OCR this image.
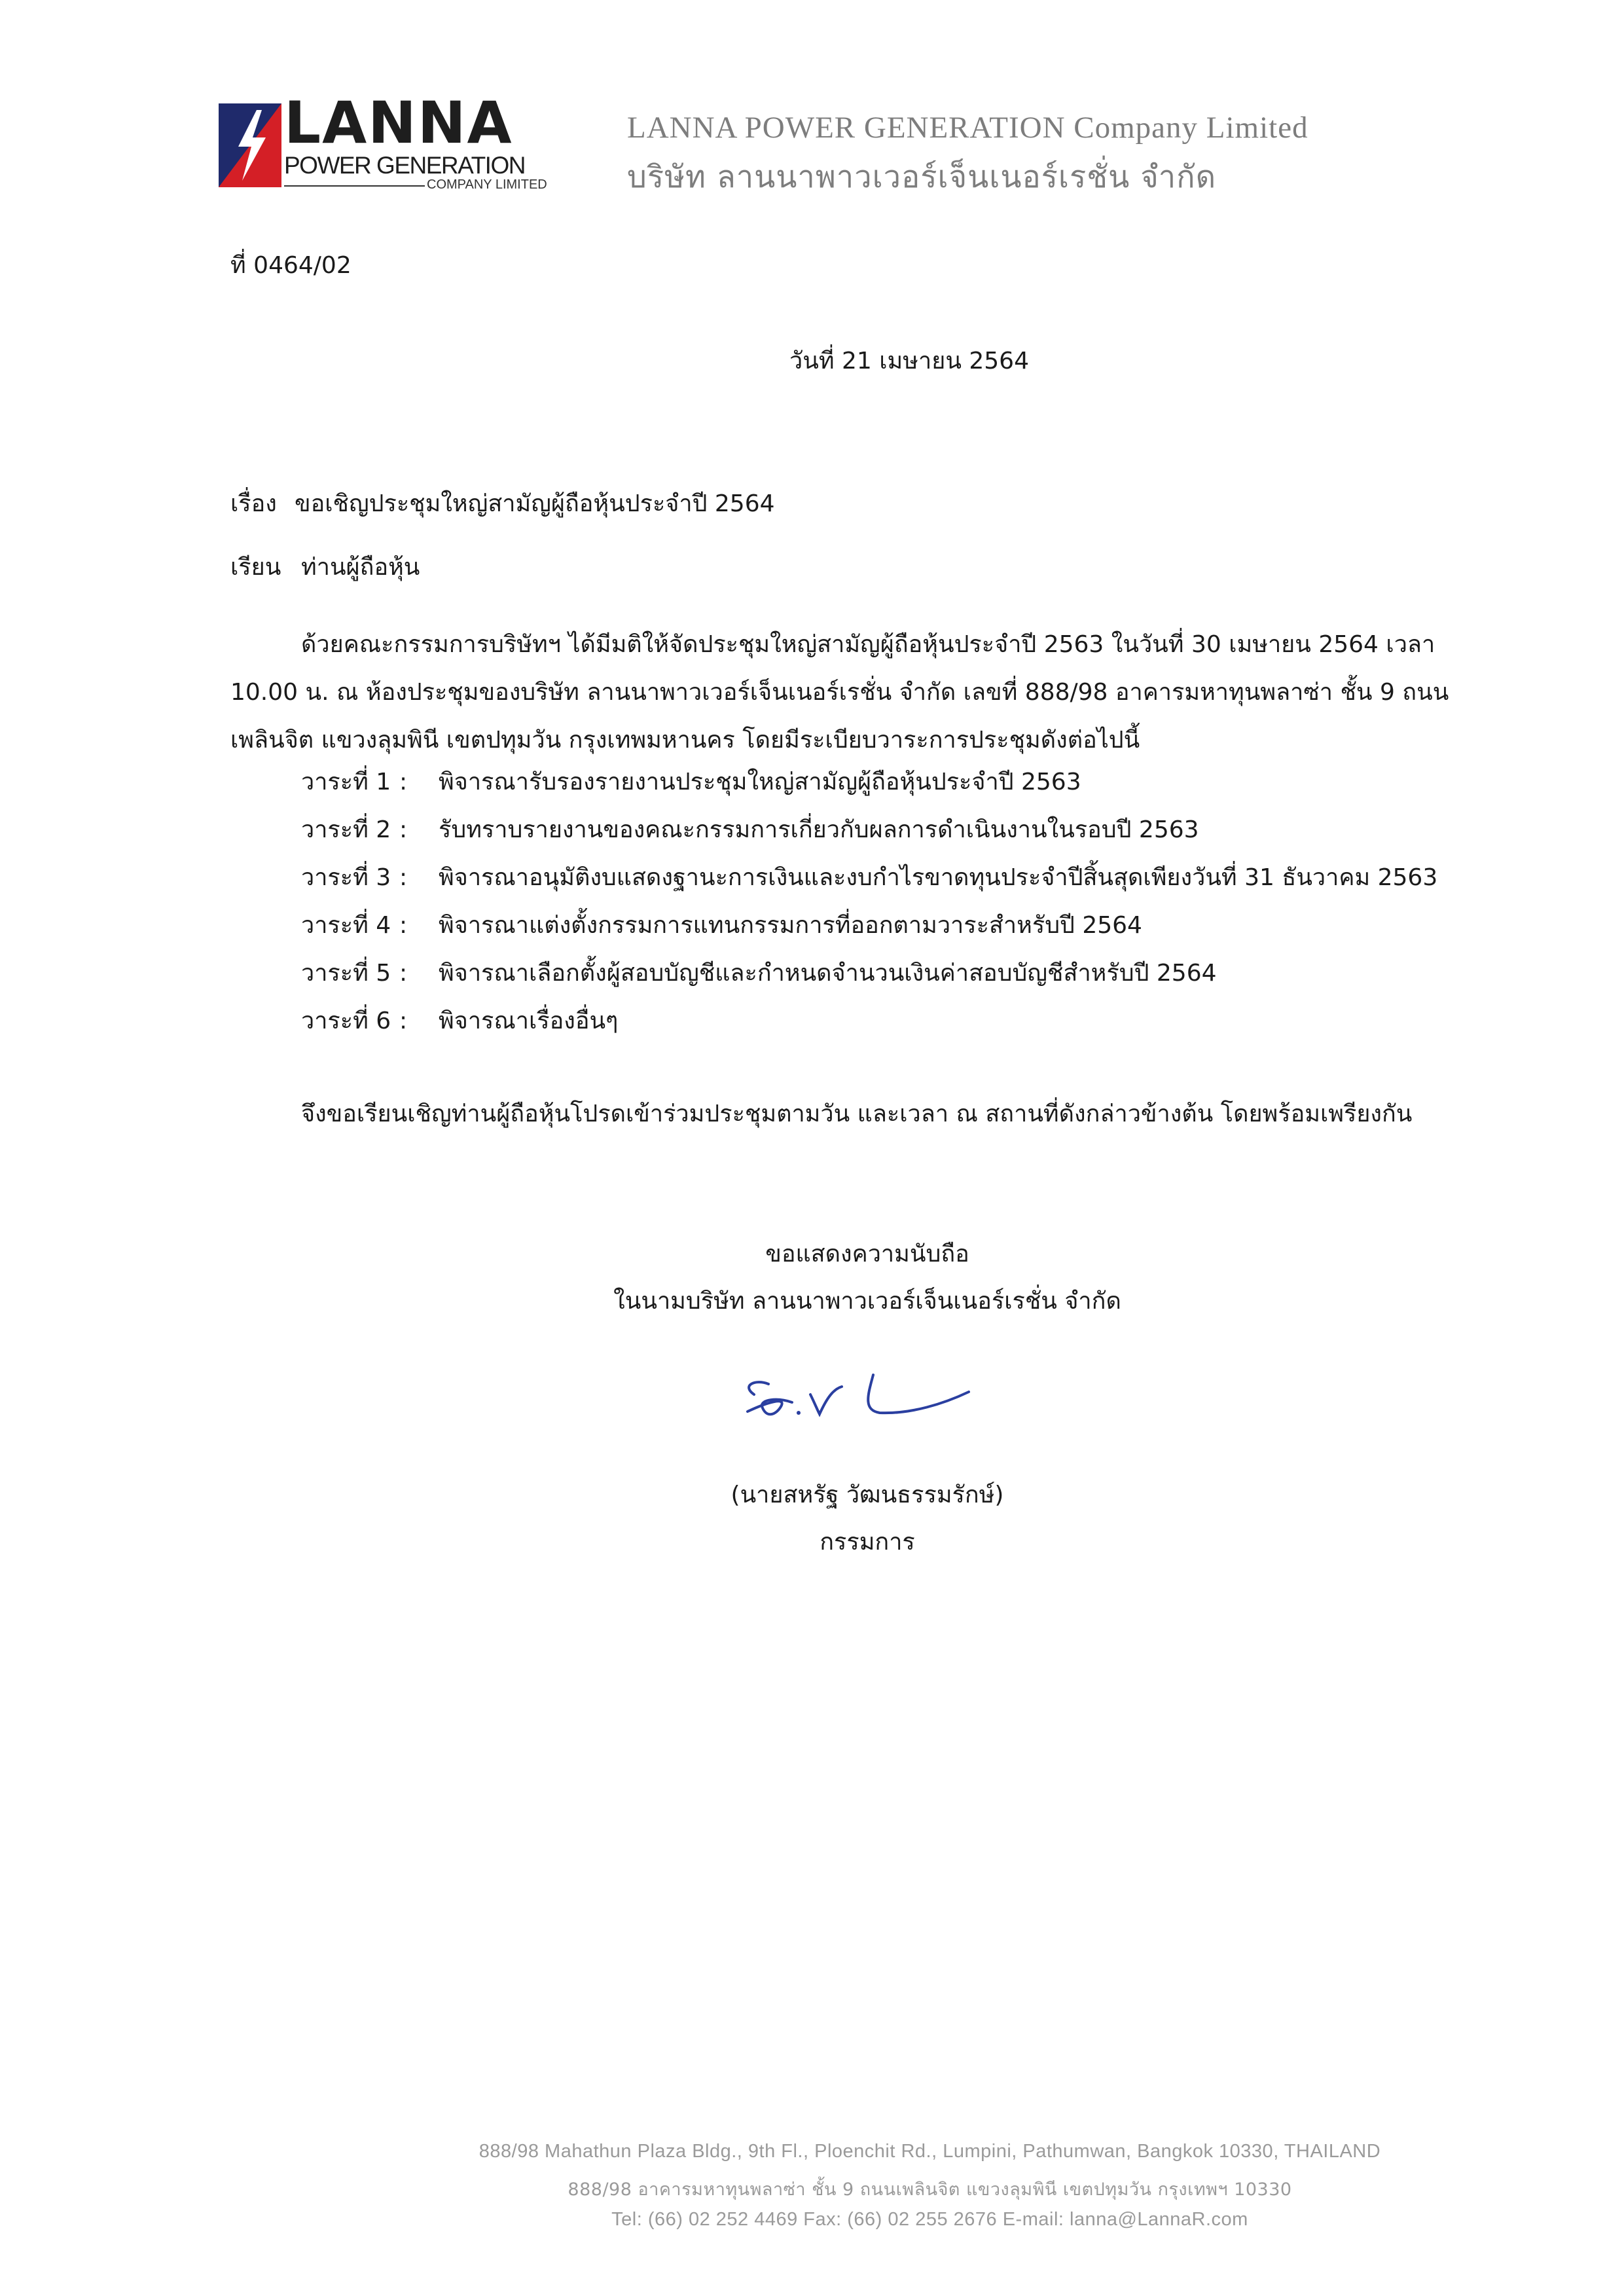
LANNA
POWER GENERATION
COMPANY LIMITED
LANNA POWER GENERATION Company Limited
บริษัท ลานนาพาวเวอร์เจ็นเนอร์เรชั่น จำกัด
ที่ 0464/02
วันที่ 21 เมษายน 2564
เรื่อง ขอเชิญประชุมใหญ่สามัญผู้ถือหุ้นประจำปี 2564
เรียน ท่านผู้ถือหุ้น

ด้วยคณะกรรมการบริษัทฯ ได้มีมติให้จัดประชุมใหญ่สามัญผู้ถือหุ้นประจำปี 2563 ในวันที่ 30 เมษายน 2564 เวลา

10.00 น. ณ ห้องประชุมของบริษัท ลานนาพาวเวอร์เจ็นเนอร์เรชั่น จำกัด เลขที่ 888/98 อาคารมหาทุนพลาซ่า ชั้น 9 ถนน

เพลินจิต แขวงลุมพินี เขตปทุมวัน กรุงเทพมหานคร โดยมีระเบียบวาระการประชุมดังต่อไปนี้

วาระที่ 1 : พิจารณารับรองรายงานประชุมใหญ่สามัญผู้ถือหุ้นประจำปี 2563
วาระที่ 2 : รับทราบรายงานของคณะกรรมการเกี่ยวกับผลการดำเนินงานในรอบปี 2563
วาระที่ 3 : พิจารณาอนุมัติงบแสดงฐานะการเงินและงบกำไรขาดทุนประจำปีสิ้นสุดเพียงวันที่ 31 ธันวาคม 2563
วาระที่ 4 : พิจารณาแต่งตั้งกรรมการแทนกรรมการที่ออกตามวาระสำหรับปี 2564
วาระที่ 5 : พิจารณาเลือกตั้งผู้สอบบัญชีและกำหนดจำนวนเงินค่าสอบบัญชีสำหรับปี 2564
วาระที่ 6 : พิจารณาเรื่องอื่นๆ
จึงขอเรียนเชิญท่านผู้ถือหุ้นโปรดเข้าร่วมประชุมตามวัน และเวลา ณ สถานที่ดังกล่าวข้างต้น โดยพร้อมเพรียงกัน
ขอแสดงความนับถือ
ในนามบริษัท ลานนาพาวเวอร์เจ็นเนอร์เรชั่น จำกัด
(นายสหรัฐ วัฒนธรรมรักษ์)
กรรมการ
888/98 Mahathun Plaza Bldg., 9th Fl., Ploenchit Rd., Lumpini, Pathumwan, Bangkok 10330, THAILAND
888/98 อาคารมหาทุนพลาซ่า ชั้น 9 ถนนเพลินจิต แขวงลุมพินี เขตปทุมวัน กรุงเทพฯ 10330
Tel: (66) 02 252 4469 Fax: (66) 02 255 2676 E-mail: lanna@LannaR.com
